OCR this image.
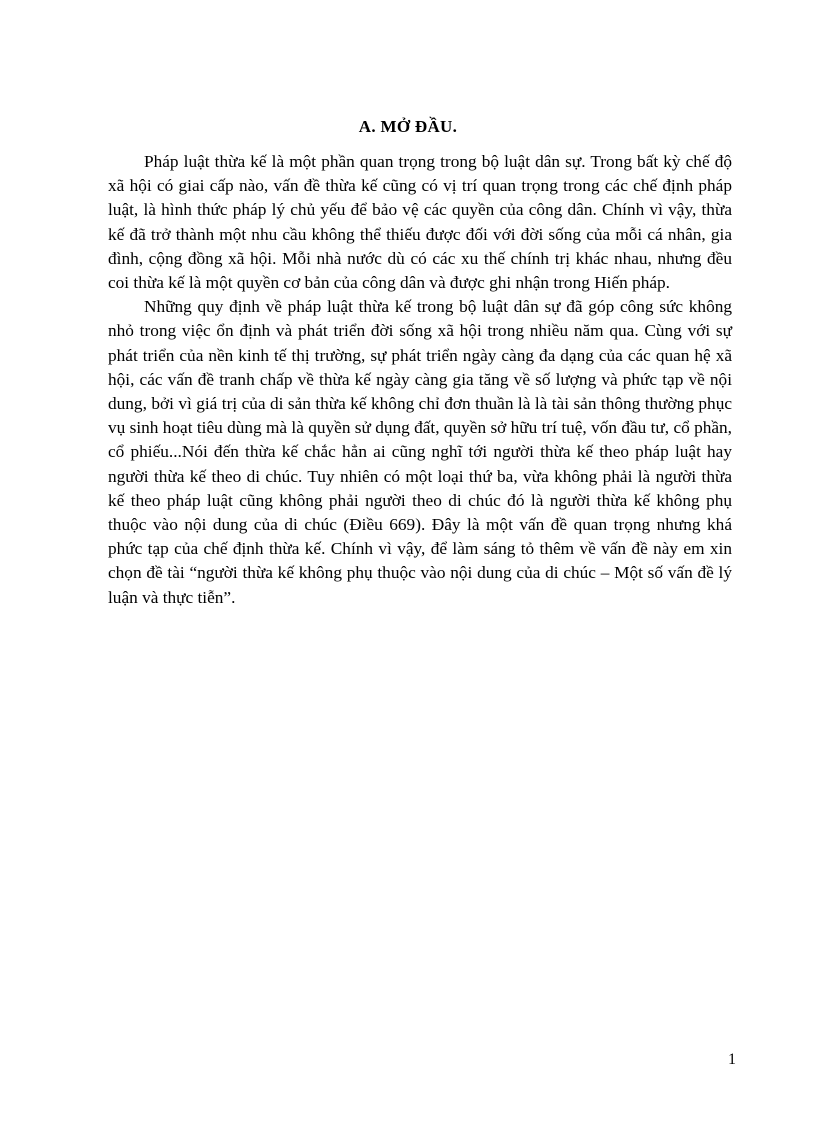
A. MỞ ĐẦU.

Pháp luật thừa kế là một phần quan trọng trong bộ luật dân sự. Trong bất kỳ chế độ xã hội có giai cấp nào, vấn đề thừa kế cũng có vị trí quan trọng trong các chế định pháp luật, là hình thức pháp lý chủ yếu để bảo vệ các quyền của công dân. Chính vì vậy, thừa kế đã trở thành một nhu cầu không thể thiếu được đối với đời sống của mỗi cá nhân, gia đình, cộng đồng xã hội. Mỗi nhà nước dù có các xu thế chính trị khác nhau, nhưng đều coi thừa kế là một quyền cơ bản của công dân và được ghi nhận trong Hiến pháp.

Những quy định về pháp luật thừa kế trong bộ luật dân sự đã góp công sức không nhỏ trong việc ổn định và phát triển đời sống xã hội trong nhiều năm qua. Cùng với sự phát triển của nền kinh tế thị trường, sự phát triển ngày càng đa dạng của các quan hệ xã hội, các vấn đề tranh chấp về thừa kế ngày càng gia tăng về số lượng và phức tạp về nội dung, bởi vì giá trị của di sản thừa kế không chỉ đơn thuần là là tài sản thông thường phục vụ sinh hoạt tiêu dùng mà là quyền sử dụng đất, quyền sở hữu trí tuệ, vốn đầu tư, cổ phần, cổ phiếu...Nói đến thừa kế chắc hẳn ai cũng nghĩ tới người thừa kế theo pháp luật hay người thừa kế theo di chúc. Tuy nhiên có một loại thứ ba, vừa không phải là người thừa kế theo pháp luật cũng không phải người theo di chúc đó là người thừa kế không phụ thuộc vào nội dung của di chúc (Điều 669). Đây là một vấn đề quan trọng nhưng khá phức tạp của chế định thừa kế. Chính vì vậy, để làm sáng tỏ thêm về vấn đề này em xin chọn đề tài “người thừa kế không phụ thuộc vào nội dung của di chúc – Một số vấn đề lý luận và thực tiễn”.

1
